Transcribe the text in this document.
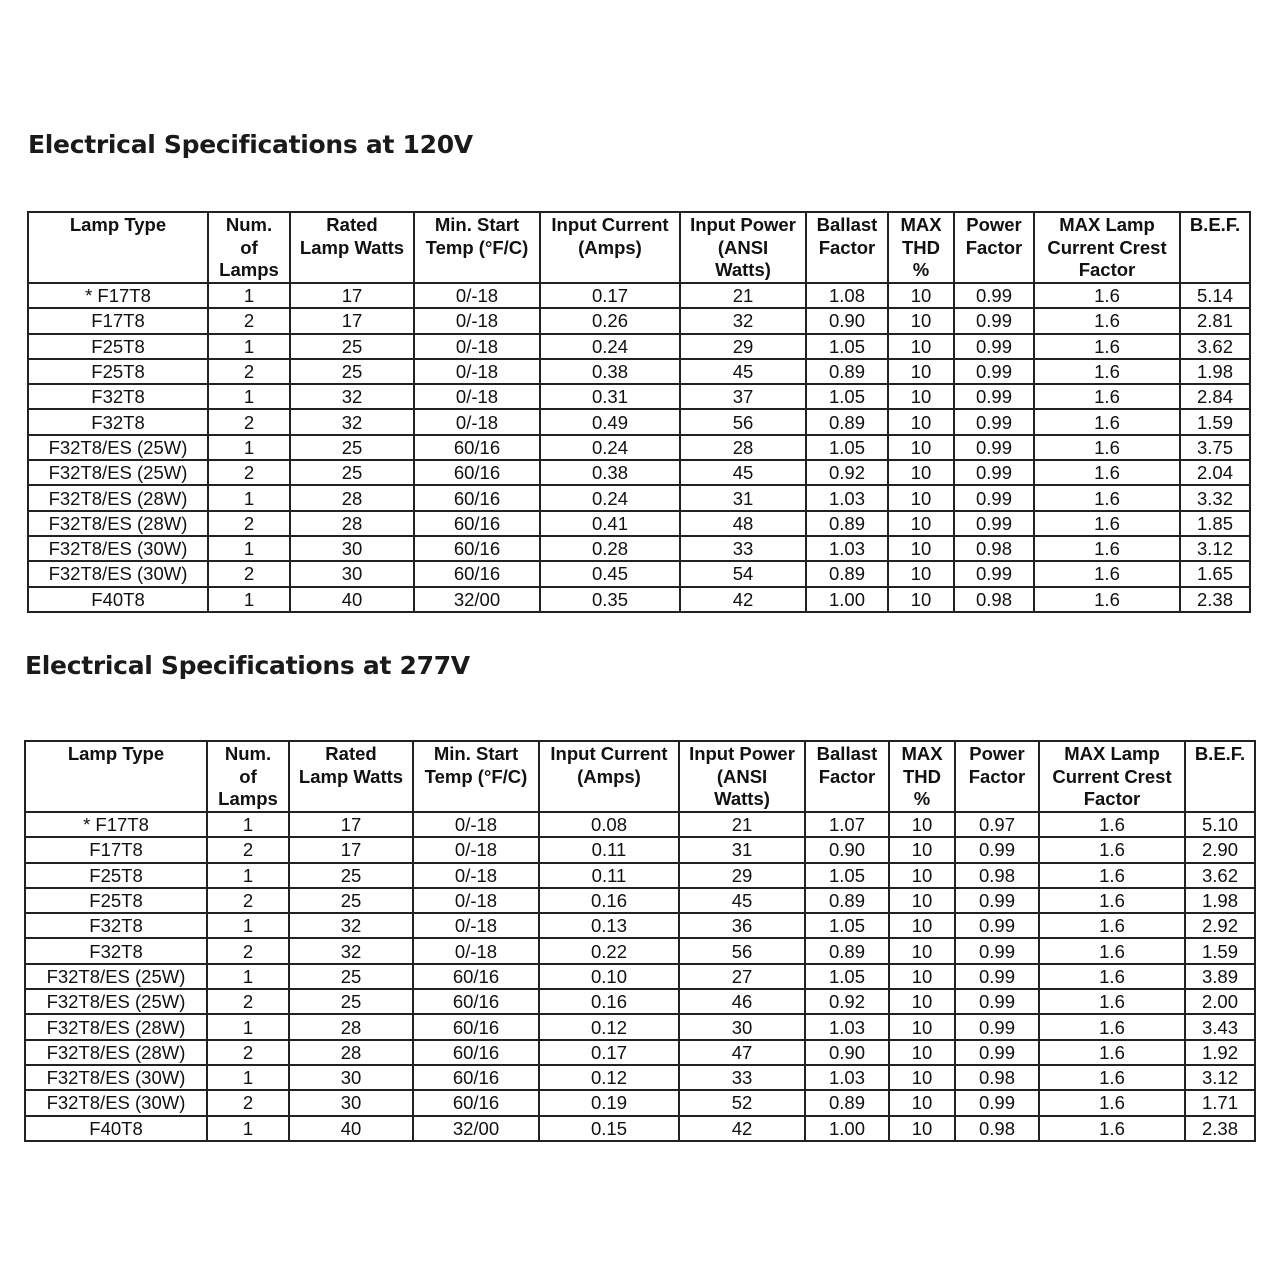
Electrical Specifications at 120V
Lamp Type	Num.
of
Lamps	Rated
Lamp Watts	Min. Start
Temp (°F/C)	Input Current
(Amps)	Input Power
(ANSI
Watts)	Ballast
Factor	MAX
THD
%	Power
Factor	MAX Lamp
Current Crest
Factor	B.E.F.

* F17T8	1	17	0/-18	0.17	21	1.08	10	0.99	1.6	5.14
F17T8	2	17	0/-18	0.26	32	0.90	10	0.99	1.6	2.81
F25T8	1	25	0/-18	0.24	29	1.05	10	0.99	1.6	3.62
F25T8	2	25	0/-18	0.38	45	0.89	10	0.99	1.6	1.98
F32T8	1	32	0/-18	0.31	37	1.05	10	0.99	1.6	2.84
F32T8	2	32	0/-18	0.49	56	0.89	10	0.99	1.6	1.59
F32T8/ES (25W)	1	25	60/16	0.24	28	1.05	10	0.99	1.6	3.75
F32T8/ES (25W)	2	25	60/16	0.38	45	0.92	10	0.99	1.6	2.04
F32T8/ES (28W)	1	28	60/16	0.24	31	1.03	10	0.99	1.6	3.32
F32T8/ES (28W)	2	28	60/16	0.41	48	0.89	10	0.99	1.6	1.85
F32T8/ES (30W)	1	30	60/16	0.28	33	1.03	10	0.98	1.6	3.12
F32T8/ES (30W)	2	30	60/16	0.45	54	0.89	10	0.99	1.6	1.65
F40T8	1	40	32/00	0.35	42	1.00	10	0.98	1.6	2.38
Electrical Specifications at 277V
Lamp Type	Num.
of
Lamps	Rated
Lamp Watts	Min. Start
Temp (°F/C)	Input Current
(Amps)	Input Power
(ANSI
Watts)	Ballast
Factor	MAX
THD
%	Power
Factor	MAX Lamp
Current Crest
Factor	B.E.F.

* F17T8	1	17	0/-18	0.08	21	1.07	10	0.97	1.6	5.10
F17T8	2	17	0/-18	0.11	31	0.90	10	0.99	1.6	2.90
F25T8	1	25	0/-18	0.11	29	1.05	10	0.98	1.6	3.62
F25T8	2	25	0/-18	0.16	45	0.89	10	0.99	1.6	1.98
F32T8	1	32	0/-18	0.13	36	1.05	10	0.99	1.6	2.92
F32T8	2	32	0/-18	0.22	56	0.89	10	0.99	1.6	1.59
F32T8/ES (25W)	1	25	60/16	0.10	27	1.05	10	0.99	1.6	3.89
F32T8/ES (25W)	2	25	60/16	0.16	46	0.92	10	0.99	1.6	2.00
F32T8/ES (28W)	1	28	60/16	0.12	30	1.03	10	0.99	1.6	3.43
F32T8/ES (28W)	2	28	60/16	0.17	47	0.90	10	0.99	1.6	1.92
F32T8/ES (30W)	1	30	60/16	0.12	33	1.03	10	0.98	1.6	3.12
F32T8/ES (30W)	2	30	60/16	0.19	52	0.89	10	0.99	1.6	1.71
F40T8	1	40	32/00	0.15	42	1.00	10	0.98	1.6	2.38
